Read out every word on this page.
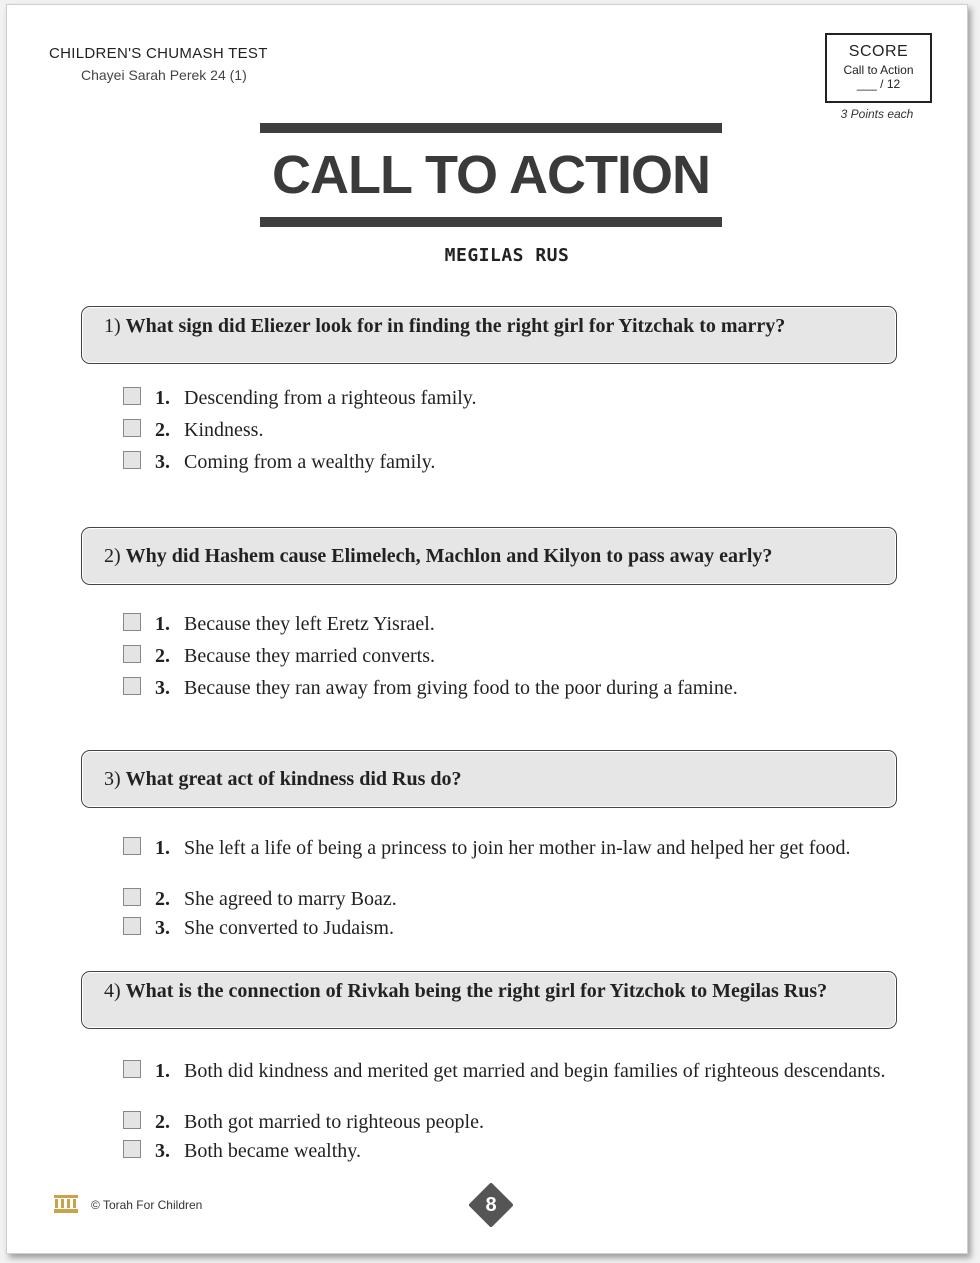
CHILDREN'S CHUMASH TEST
Chayei Sarah Perek 24 (1)
SCORE
Call to Action
___ / 12
3 Points each
CALL TO ACTION
MEGILAS RUS
1) What sign did Eliezer look for in finding the right girl for Yitzchak to marry?
1. Descending from a righteous family.
2. Kindness.
3. Coming from a wealthy family.
2) Why did Hashem cause Elimelech, Machlon and Kilyon to pass away early?
1. Because they left Eretz Yisrael.
2. Because they married converts.
3. Because they ran away from giving food to the poor during a famine.
3) What great act of kindness did Rus do?
1. She left a life of being a princess to join her mother in-law and helped her get food.
2. She agreed to marry Boaz.
3. She converted to Judaism.
4) What is the connection of Rivkah being the right girl for Yitzchok to Megilas Rus?
1. Both did kindness and merited get married and begin families of righteous descendants.
2. Both got married to righteous people.
3. Both became wealthy.
© Torah For Children	8
